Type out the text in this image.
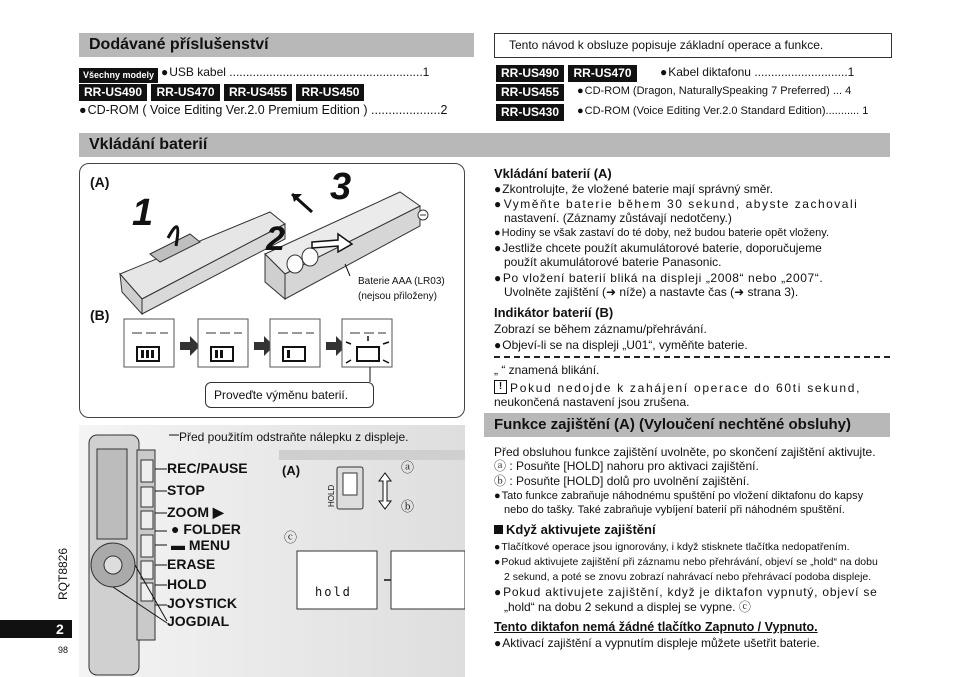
Dodávané příslušenství
Všechny modely ●	USB kabel ..........................................................1
RR-US490 RR-US470 RR-US455 RR-US450
● CD-ROM ( Voice Editing Ver.2.0 Premium Edition ) ....................2
Tento návod k obsluze popisuje základní operace a funkce.
RR-US490 RR-US470 ●	Kabel diktafonu ............................1
RR-US455 ●	CD-ROM (Dragon, NaturallySpeaking 7 Preferred) ... 4
RR-US430 ●	CD-ROM (Voice Editing Ver.2.0 Standard Edition)........... 1
Vkládání baterií
(A)
(B)
1
2
3
Baterie AAA (LR03)
(nejsou přiloženy)
Proveďte výměnu baterií.
Vkládání baterií (A)
● Zkontrolujte, že vložené baterie mají správný směr.
● Vyměňte baterie během 30 sekund, abyste zachovali
nastavení. (Záznamy zůstávají nedotčeny.)
● Hodiny se však zastaví do té doby, než budou baterie opět vloženy.
● Jestliže chcete použít akumulátorové baterie, doporučujeme
použít akumulátorové baterie Panasonic.
● Po vložení baterií bliká na displeji „2008“ nebo „2007“.
Uvolněte zajištění (➜ níže) a nastavte čas (➜ strana 3).
Indikátor baterií (B)
Zobrazí se během záznamu/přehrávání.
● Objeví-li se na displeji „U01“, vyměňte baterie.
„ “ znamená blikání.
! Pokud nedojde k zahájení operace do 60ti sekund,
neukončená nastavení jsou zrušena.
Před použitím odstraňte nálepku z displeje.
REC/PAUSE
STOP
ZOOM ▶
● FOLDER
▬ MENU
ERASE
HOLD
JOYSTICK
JOGDIAL
(A)	ⓐ
ⓑ
ⓒ
HOLD
hold
Funkce zajištění (A) (Vyloučení nechtěné obsluhy)
Před obsluhou funkce zajištění uvolněte, po skončení zajištění aktivujte.
ⓐ : Posuňte [HOLD] nahoru pro aktivaci zajištění.
ⓑ : Posuňte [HOLD] dolů pro uvolnění zajištění.
● Tato funkce zabraňuje náhodnému spuštění po vložení diktafonu do kapsy
nebo do tašky. Také zabraňuje vybíjení baterií při náhodném spuštění.
Když aktivujete zajištění
● Tlačítkové operace jsou ignorovány, i když stisknete tlačítka nedopatřením.
● Pokud aktivujete zajištění při záznamu nebo přehrávání, objeví se „hold“ na dobu
2 sekund, a poté se znovu zobrazí nahrávací nebo přehrávací podoba displeje.
● Pokud aktivujete zajištění, když je diktafon vypnutý, objeví se
„hold“ na dobu 2 sekund a displej se vypne. ⓒ
Tento diktafon nemá žádné tlačítko Zapnuto / Vypnuto.
● Aktivací zajištění a vypnutím displeje můžete ušetřit baterie.
RQT8826
2
98
